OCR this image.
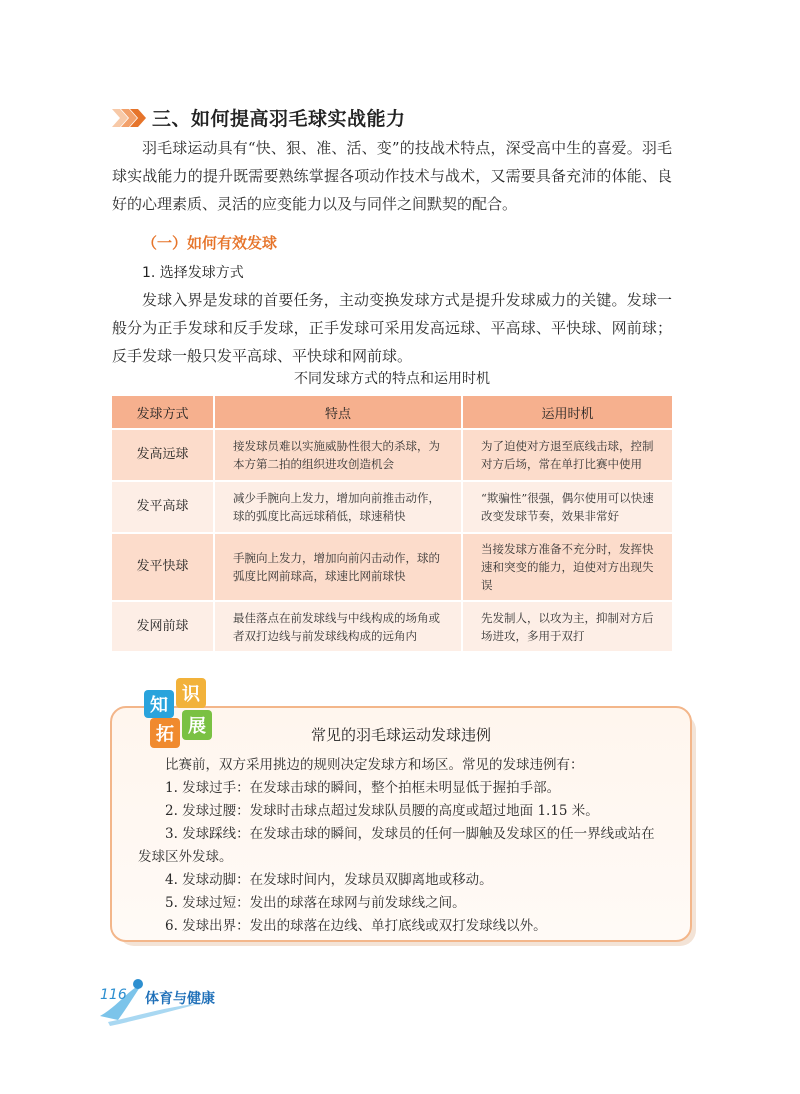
三、如何提高羽毛球实战能力

羽毛球运动具有“快、狠、准、活、变”的技战术特点，深受高中生的喜爱。羽毛球实战能力的提升既需要熟练掌握各项动作技术与战术，又需要具备充沛的体能、良好的心理素质、灵活的应变能力以及与同伴之间默契的配合。

（一）如何有效发球
1. 选择发球方式

发球入界是发球的首要任务，主动变换发球方式是提升发球威力的关键。发球一般分为正手发球和反手发球，正手发球可采用发高远球、平高球、平快球、网前球；反手发球一般只发平高球、平快球和网前球。

不同发球方式的特点和运用时机
发球方式	特点	运用时机
发高远球	接发球员难以实施威胁性很大的杀球，为本方第二拍的组织进攻创造机会	为了迫使对方退至底线击球，控制对方后场，常在单打比赛中使用
发平高球	减少手腕向上发力，增加向前推击动作，球的弧度比高远球稍低，球速稍快	“欺骗性”很强，偶尔使用可以快速改变发球节奏，效果非常好
发平快球	手腕向上发力，增加向前闪击动作，球的弧度比网前球高，球速比网前球快	当接发球方准备不充分时，发挥快速和突变的能力，迫使对方出现失误
发网前球	最佳落点在前发球线与中线构成的场角或者双打边线与前发球线构成的远角内	先发制人，以攻为主，抑制对方后场进攻，多用于双打
知
识
拓 展	常见的羽毛球运动发球违例

比赛前，双方采用挑边的规则决定发球方和场区。常见的发球违例有：

1. 发球过手：在发球击球的瞬间，整个拍框未明显低于握拍手部。

2. 发球过腰：发球时击球点超过发球队员腰的高度或超过地面 1.15 米。

3. 发球踩线：在发球击球的瞬间，发球员的任何一脚触及发球区的任一界线或站在发球区外发球。

4. 发球动脚：在发球时间内，发球员双脚离地或移动。

5. 发球过短：发出的球落在球网与前发球线之间。

6. 发球出界：发出的球落在边线、单打底线或双打发球线以外。

116 体育与健康
